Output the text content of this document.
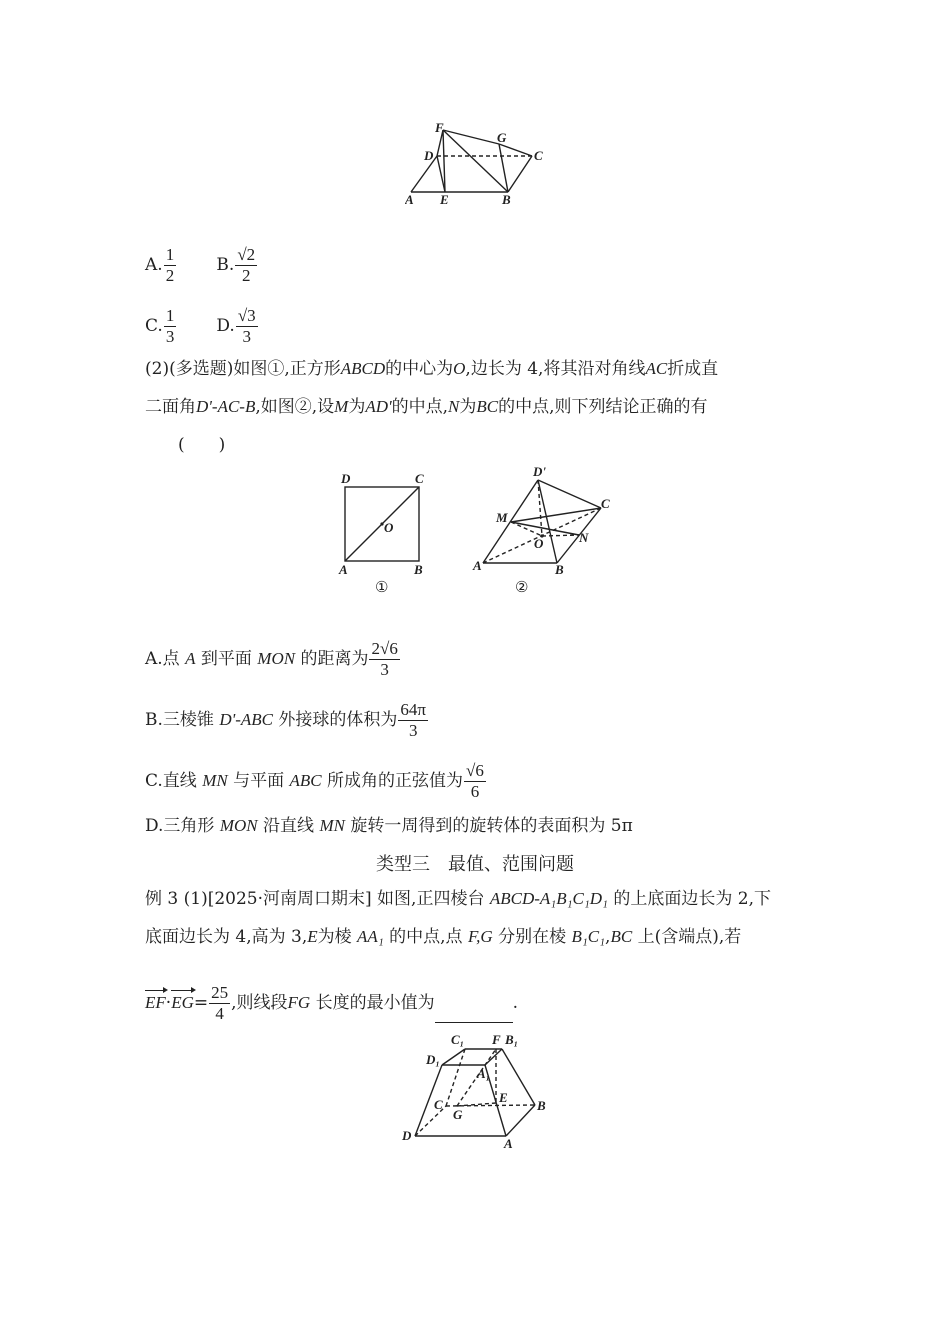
F
G
D	C
A E	B
A. $\frac{1}{2} B$. $\frac{√2}{2}$
C. $\frac{1}{3} D$. $\frac{√3}{3}$
(2)(多选题)如图①,正方形ABCD的中心为O,边长为 4,将其沿对角线AC折成直
二面角D'-AC-B,如图②,设M为AD'的中点,N为BC的中点,则下列结论正确的有
(　　)
D	C
O
A	B
①
D'
C
M
O	N
A	B
②
A.点 A 到平面 MON 的距离为 $\frac{2√6}{3}$
B.三棱锥 D'-ABC 外接球的体积为 $\frac{64\pi}{3}$
C.直线 MN 与平面 ABC 所成角的正弦值为 $\frac{√6}{6}$
D.三角形 MON 沿直线 MN 旋转一周得到的旋转体的表面积为 5π
类型三　最值、范围问题
例 3 (1)[2025·河南周口期末] 如图,正四棱台 ABCD-A₁B₁C₁D₁ 的上底面边长为 2,下
底面边长为 4,高为 3,E为棱 AA₁ 的中点,点 F,G 分别在棱 B₁C₁,BC 上(含端点),若
$EF\cdot EG= \frac{25}{4}$ ,则线段FG 长度的最小值为	.
C₁ F B₁
D₁
A₁
C	E
B
G
D
A
